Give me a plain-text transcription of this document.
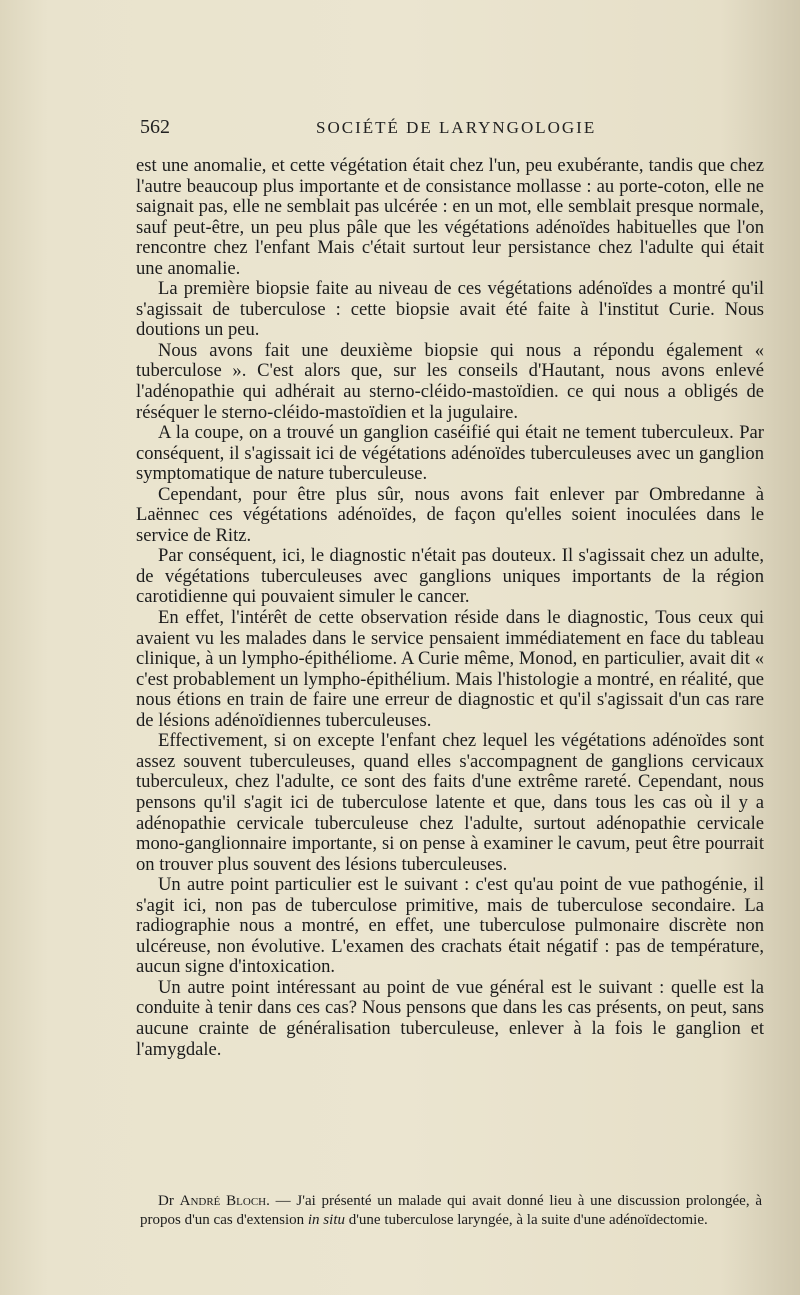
562	SOCIÉTÉ DE LARYNGOLOGIE

est une anomalie, et cette végétation était chez l'un, peu exubérante, tandis que chez l'autre beaucoup plus importante et de consistance mollasse : au porte-coton, elle ne saignait pas, elle ne semblait pas ulcérée : en un mot, elle semblait presque normale, sauf peut-être, un peu plus pâle que les végétations adénoïdes habituelles que l'on rencontre chez l'enfant Mais c'était surtout leur persistance chez l'adulte qui était une anomalie.

La première biopsie faite au niveau de ces végétations adénoïdes a montré qu'il s'agissait de tuberculose : cette biopsie avait été faite à l'institut Curie. Nous doutions un peu.

Nous avons fait une deuxième biopsie qui nous a répondu également « tuberculose ». C'est alors que, sur les conseils d'Hautant, nous avons enlevé l'adénopathie qui adhérait au sterno-cléido-mastoïdien. ce qui nous a obligés de réséquer le sterno-cléido-mastoïdien et la jugulaire.

A la coupe, on a trouvé un ganglion caséifié qui était ne tement tuberculeux. Par conséquent, il s'agissait ici de végétations adénoïdes tuberculeuses avec un ganglion symptomatique de nature tuberculeuse.

Cependant, pour être plus sûr, nous avons fait enlever par Ombredanne à Laënnec ces végétations adénoïdes, de façon qu'elles soient inoculées dans le service de Ritz.

Par conséquent, ici, le diagnostic n'était pas douteux. Il s'agissait chez un adulte, de végétations tuberculeuses avec ganglions uniques importants de la région carotidienne qui pouvaient simuler le cancer.

En effet, l'intérêt de cette observation réside dans le diagnostic, Tous ceux qui avaient vu les malades dans le service pensaient immédiatement en face du tableau clinique, à un lympho-épithéliome. A Curie même, Monod, en particulier, avait dit « c'est probablement un lympho-épithélium. Mais l'histologie a montré, en réalité, que nous étions en train de faire une erreur de diagnostic et qu'il s'agissait d'un cas rare de lésions adénoïdiennes tuberculeuses.

Effectivement, si on excepte l'enfant chez lequel les végétations adénoïdes sont assez souvent tuberculeuses, quand elles s'accompagnent de ganglions cervicaux tuberculeux, chez l'adulte, ce sont des faits d'une extrême rareté. Cependant, nous pensons qu'il s'agit ici de tuberculose latente et que, dans tous les cas où il y a adénopathie cervicale tuberculeuse chez l'adulte, surtout adénopathie cervicale mono-ganglionnaire importante, si on pense à examiner le cavum, peut être pourrait on trouver plus souvent des lésions tuberculeuses.

Un autre point particulier est le suivant : c'est qu'au point de vue pathogénie, il s'agit ici, non pas de tuberculose primitive, mais de tuberculose secondaire. La radiographie nous a montré, en effet, une tuberculose pulmonaire discrète non ulcéreuse, non évolutive. L'examen des crachats était négatif : pas de température, aucun signe d'intoxication.

Un autre point intéressant au point de vue général est le suivant : quelle est la conduite à tenir dans ces cas? Nous pensons que dans les cas présents, on peut, sans aucune crainte de généralisation tuberculeuse, enlever à la fois le ganglion et l'amygdale.

Dr André Bloch. — J'ai présenté un malade qui avait donné lieu à une discussion prolongée, à propos d'un cas d'extension in situ d'une tuberculose laryngée, à la suite d'une adénoïdectomie.
